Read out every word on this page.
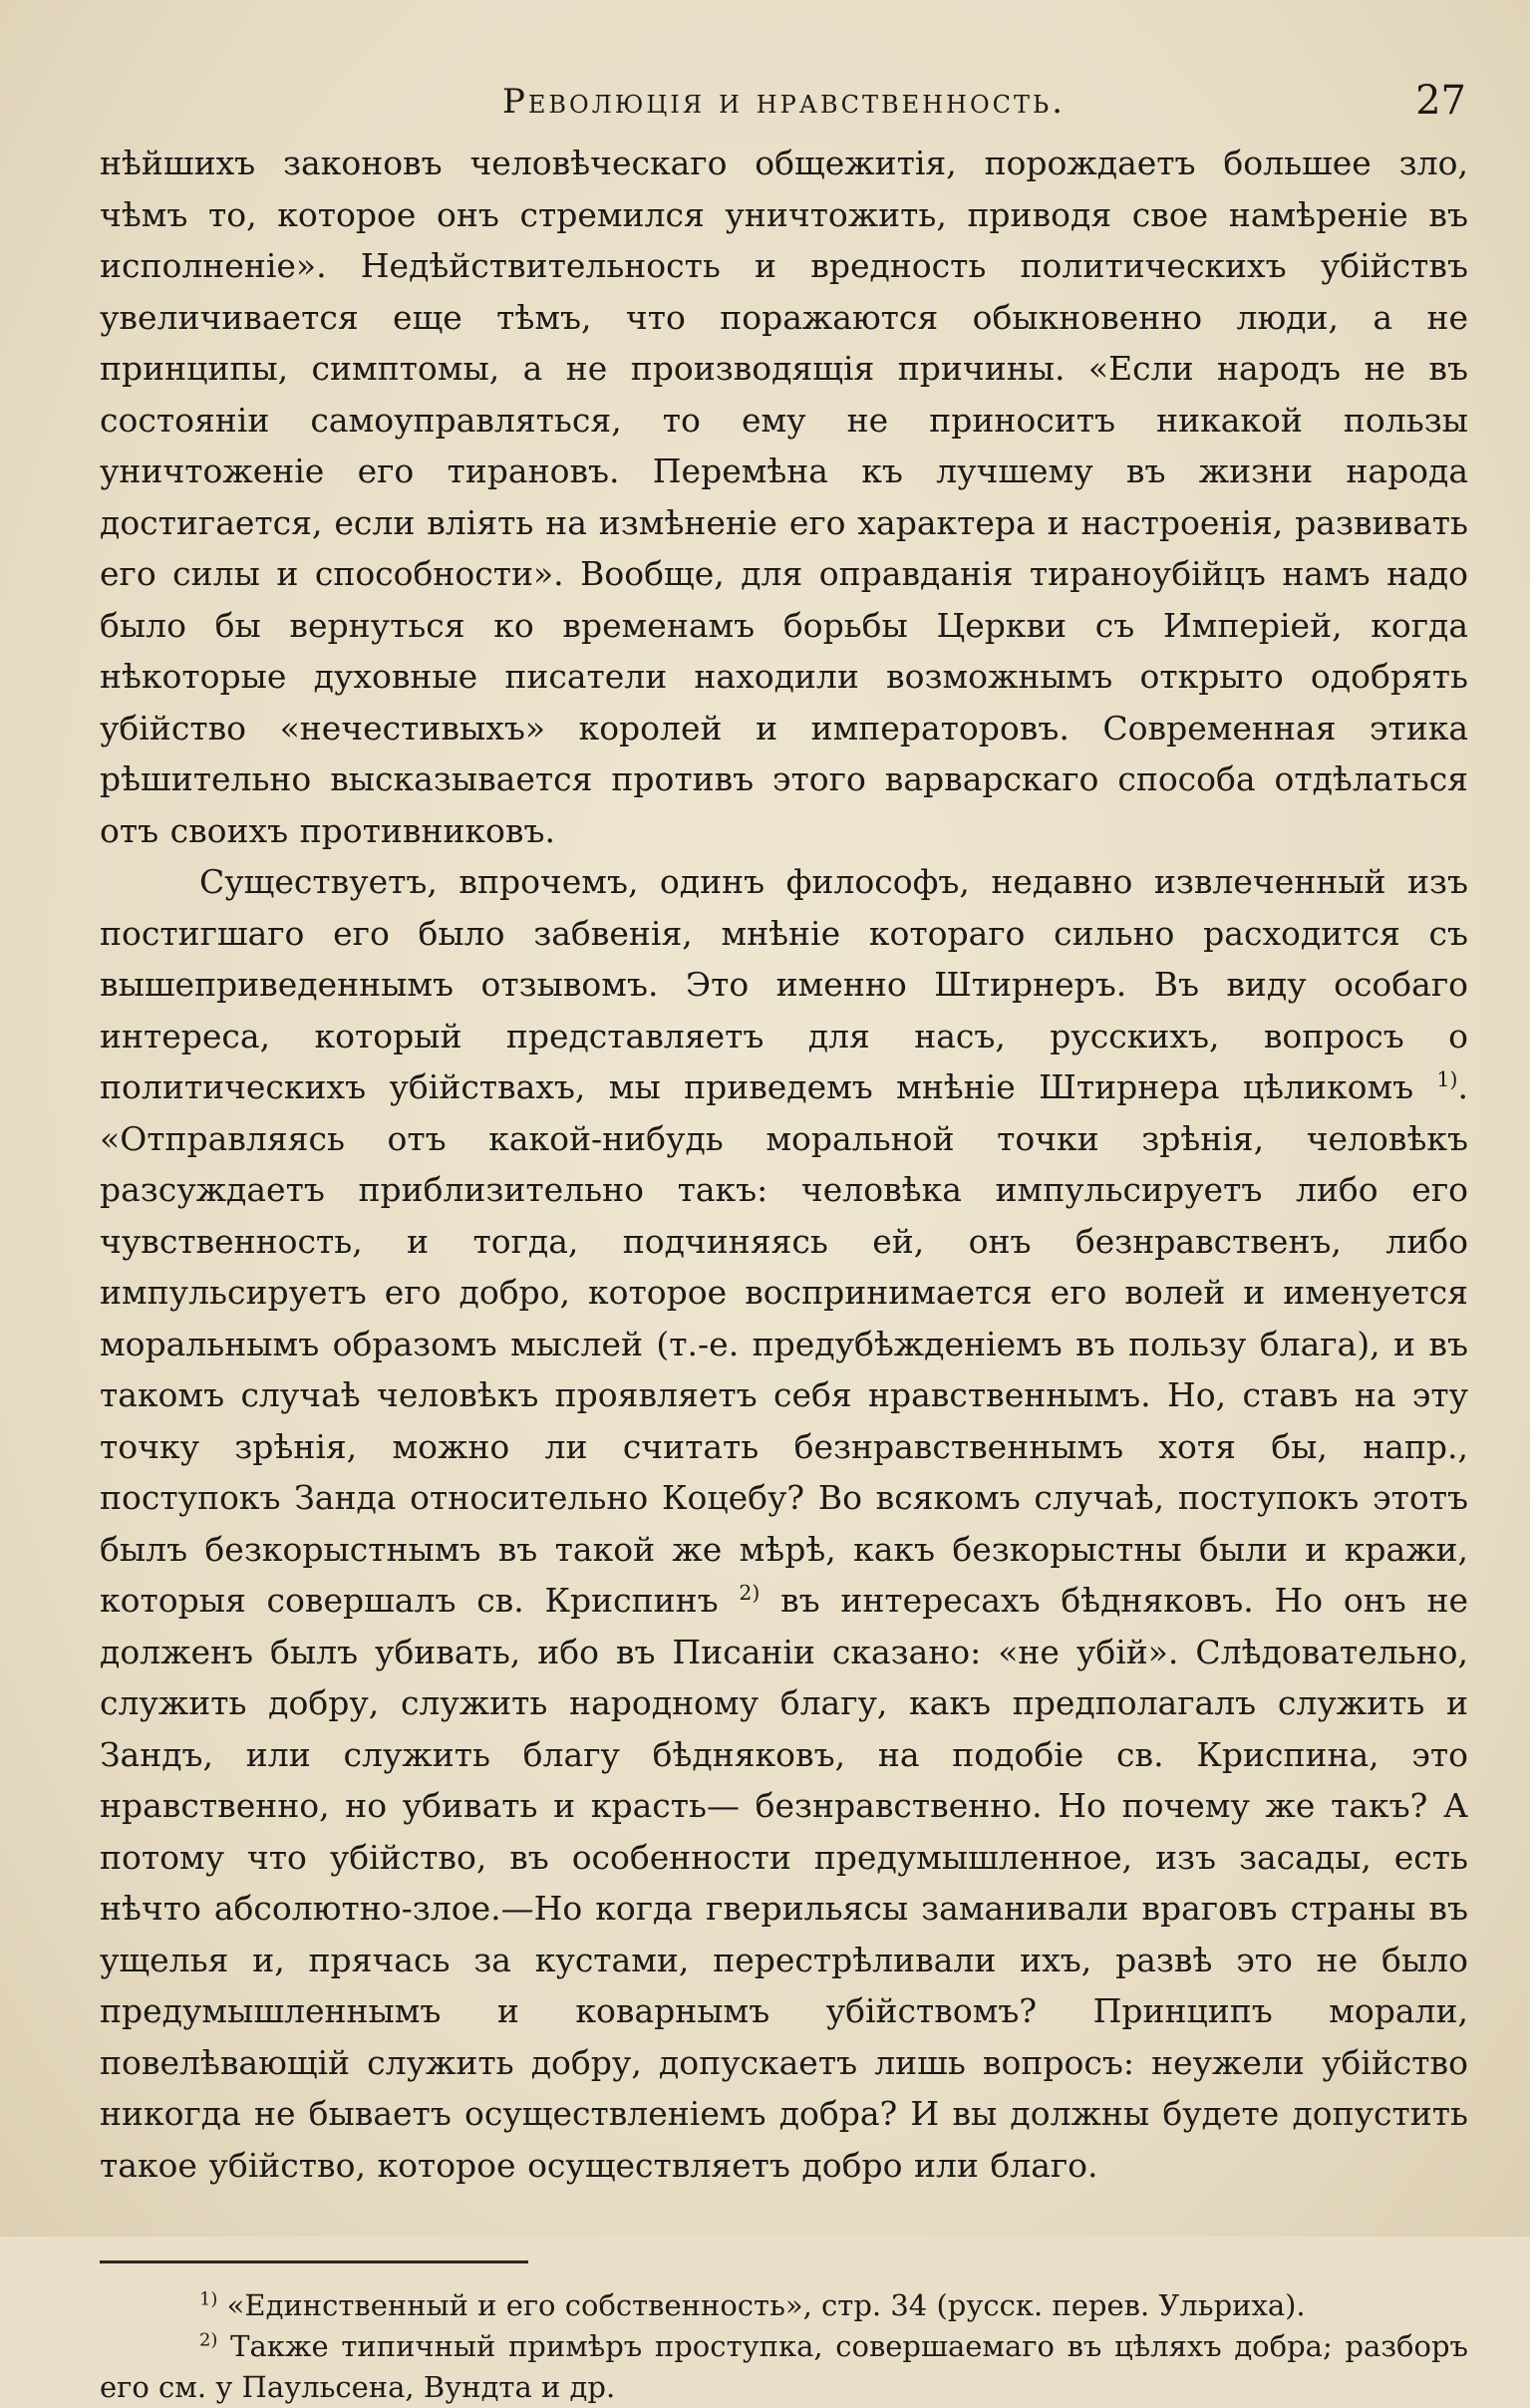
Революція и нравственность.	27

нѣйшихъ законовъ человѣческаго общежитія, порождаетъ большее зло, чѣмъ то, которое онъ стремился уничтожить, приводя свое намѣреніе въ исполненіе». Недѣйствительность и вредность политическихъ убійствъ увеличивается еще тѣмъ, что поражаются обыкновенно люди, а не принципы, симптомы, а не производящія причины. «Если народъ не въ состояніи самоуправляться, то ему не приноситъ никакой пользы уничтоженіе его тирановъ. Перемѣна къ лучшему въ жизни народа достигается, если вліять на измѣненіе его характера и настроенія, развивать его силы и способности». Вообще, для оправданія тираноубійцъ намъ надо было бы вернуться ко временамъ борьбы Церкви съ Имперіей, когда нѣкоторые духовные писатели находили возможнымъ открыто одобрять убійство «нечестивыхъ» королей и императоровъ. Современная этика рѣшительно высказывается противъ этого варварскаго способа отдѣлаться отъ своихъ противниковъ.

Существуетъ, впрочемъ, одинъ философъ, недавно извлеченный изъ постигшаго его было забвенія, мнѣніе котораго сильно расходится съ вышеприведеннымъ отзывомъ. Это именно Штирнеръ. Въ виду особаго интереса, который представляетъ для насъ, русскихъ, вопросъ о политическихъ убійствахъ, мы приведемъ мнѣніе Штирнера цѣликомъ $^{1)}$. «Отправляясь отъ какой-нибудь моральной точки зрѣнія, человѣкъ разсуждаетъ приблизительно такъ: человѣка импульсируетъ либо его чувственность, и тогда, подчиняясь ей, онъ безнравственъ, либо импульсируетъ его добро, которое воспринимается его волей и именуется моральнымъ образомъ мыслей (т.-е. предубѣжденіемъ въ пользу блага), и въ такомъ случаѣ человѣкъ проявляетъ себя нравственнымъ. Но, ставъ на эту точку зрѣнія, можно ли считать безнравственнымъ хотя бы, напр., поступокъ Занда относительно Коцебу? Во всякомъ случаѣ, поступокъ этотъ былъ безкорыстнымъ въ такой же мѣрѣ, какъ безкорыстны были и кражи, которыя совершалъ св. Криспинъ $^{2)}$ въ интересахъ бѣдняковъ. Но онъ не долженъ былъ убивать, ибо въ Писаніи сказано: «не убій». Слѣдовательно, служить добру, служить народному благу, какъ предполагалъ служить и Зандъ, или служить благу бѣдняковъ, на подобіе св. Криспина, это нравственно, но убивать и красть— безнравственно. Но почему же такъ? А потому что убійство, въ особенности предумышленное, изъ засады, есть нѣчто абсолютно-злое.—Но когда гверильясы заманивали враговъ страны въ ущелья и, прячась за кустами, перестрѣливали ихъ, развѣ это не было предумышленнымъ и коварнымъ убійствомъ? Принципъ морали, повелѣвающій служить добру, допускаетъ лишь вопросъ: неужели убійство никогда не бываетъ осуществленіемъ добра? И вы должны будете допустить такое убійство, которое осуществляетъ добро или благо.

$^{1)}$ «Единственный и его собственность», стр. 34 (русск. перев. Ульриха).

$^{2)}$ Также типичный примѣръ проступка, совершаемаго въ цѣляхъ добра; разборъ его см. у Паульсена, Вундта и др.
